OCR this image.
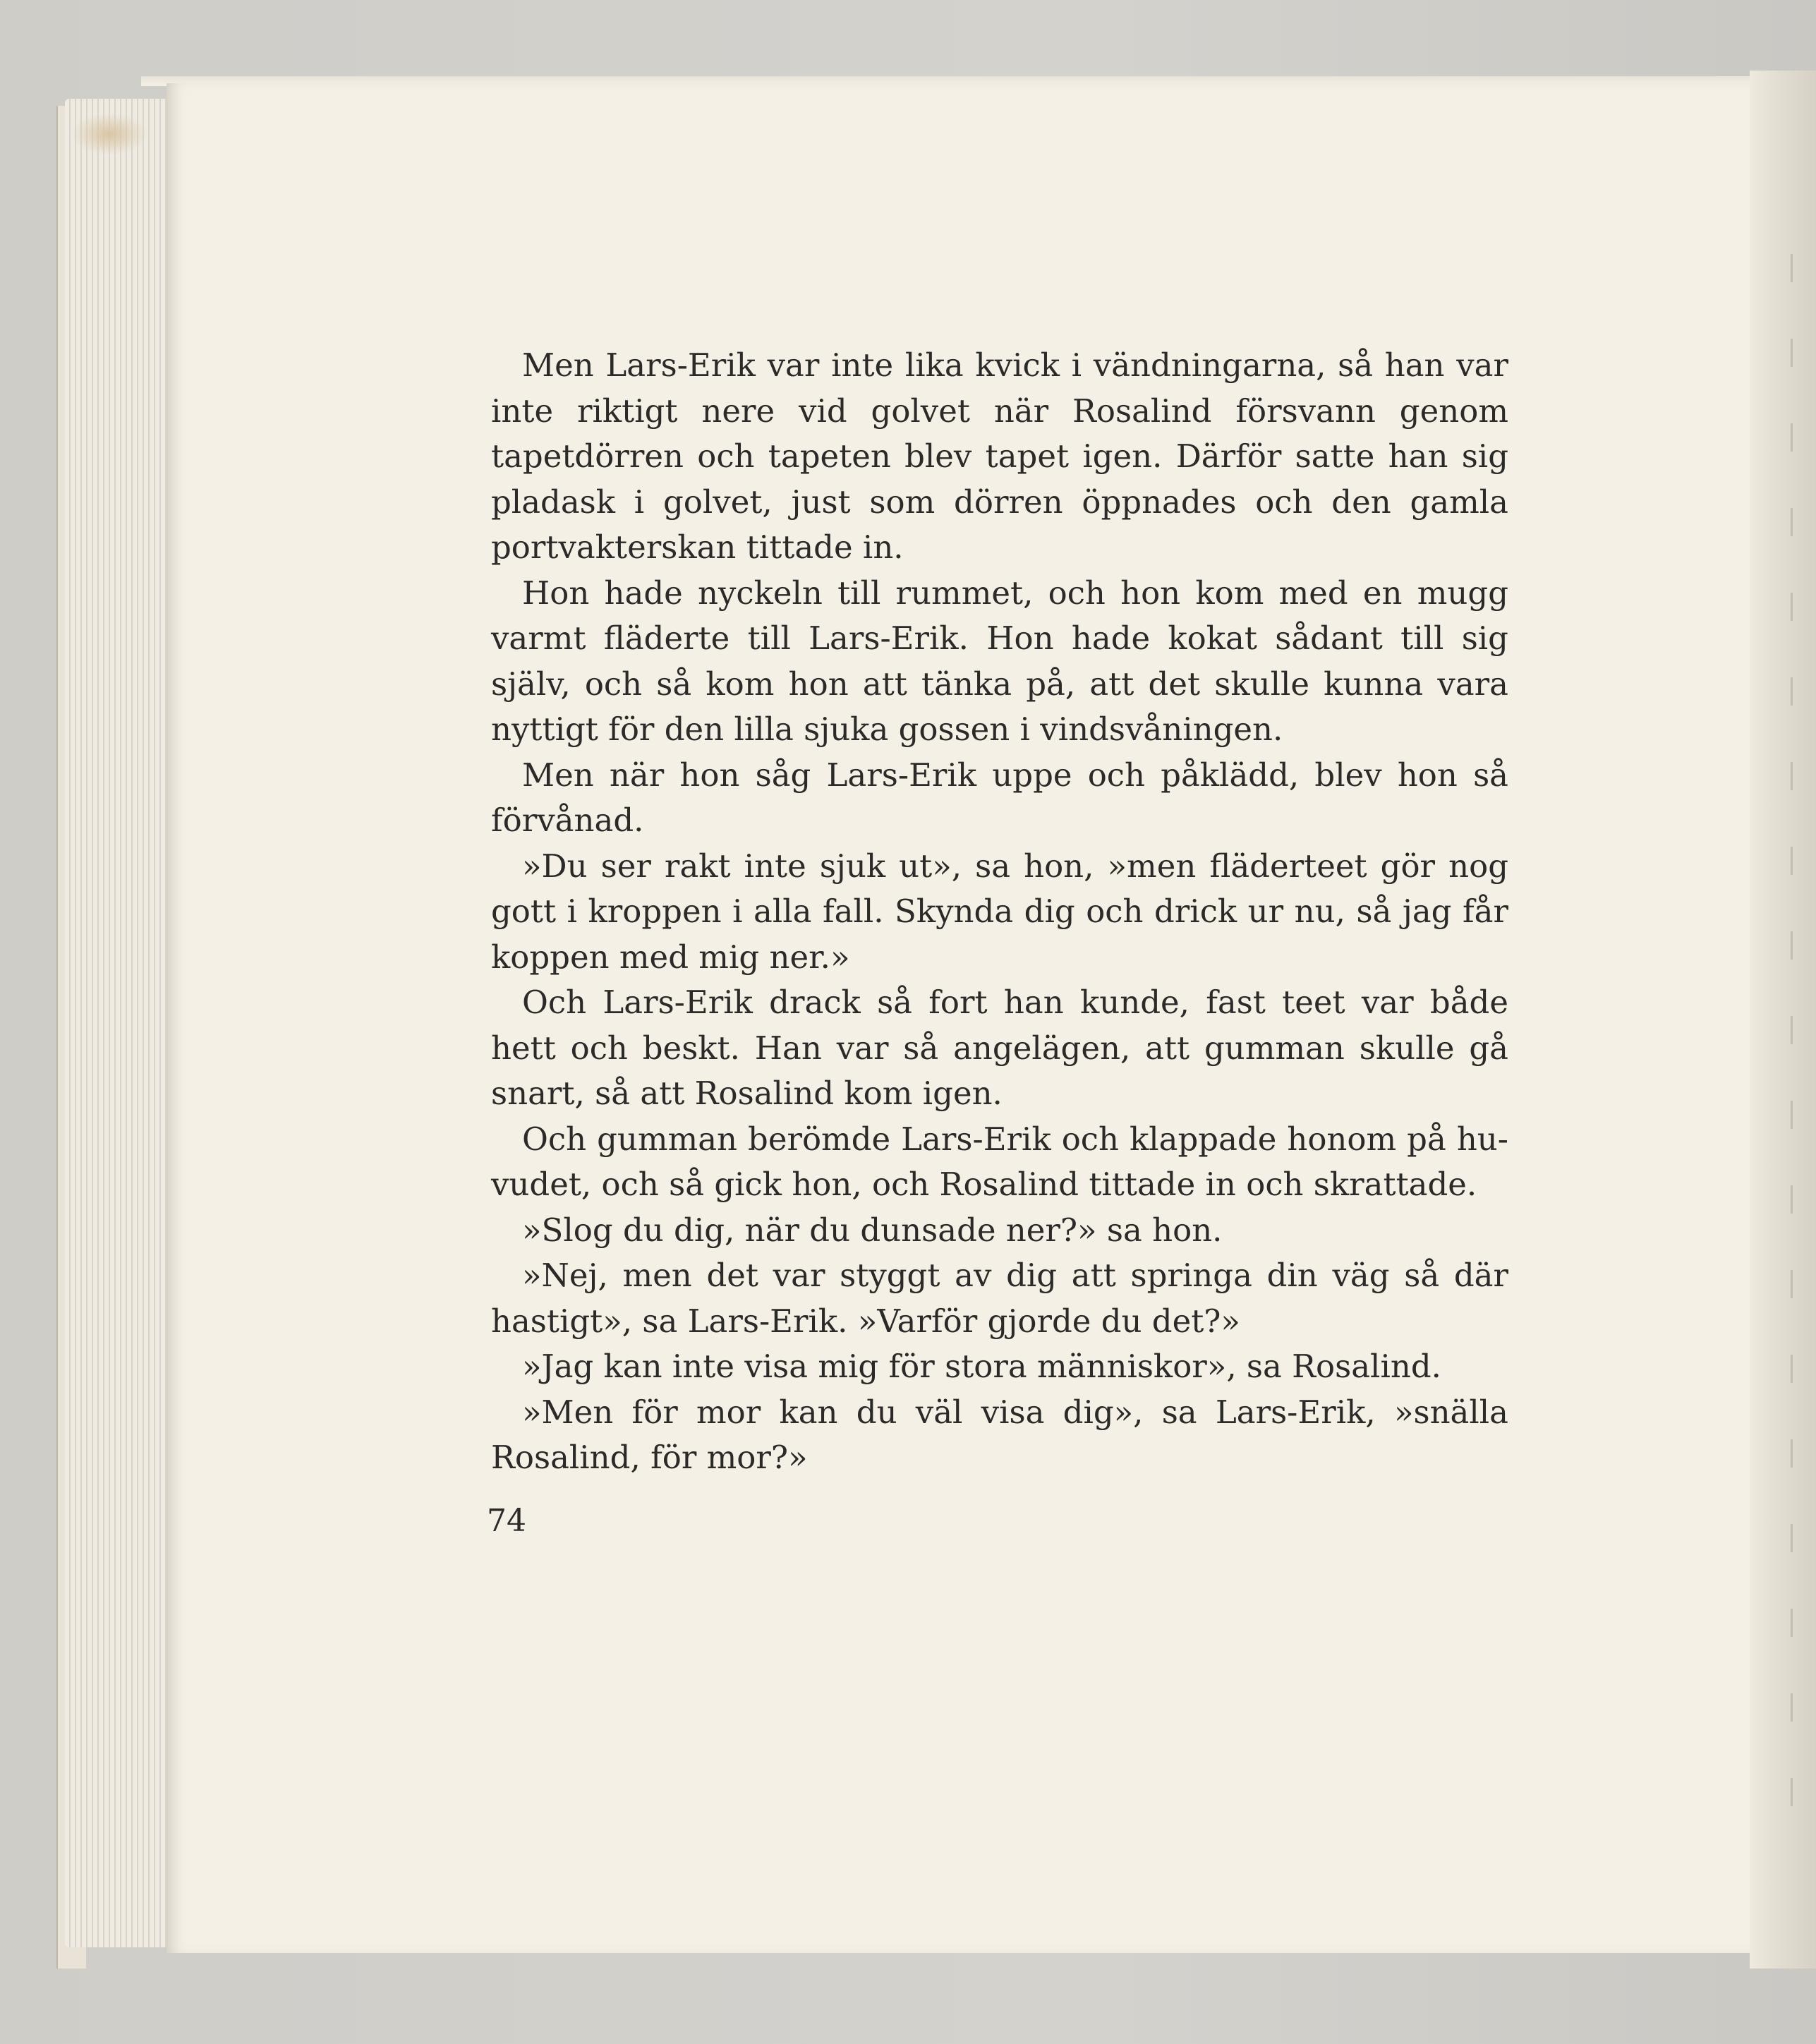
Men Lars-Erik var inte lika kvick i vändningarna, så han var inte riktigt nere vid golvet när Rosalind försvann genom tapetdörren och tapeten blev tapet igen. Därför satte han sig pladask i golvet, just som dörren öppnades och den gamla portvakterskan tittade in.

Hon hade nyckeln till rummet, och hon kom med en mugg varmt fläderte till Lars-Erik. Hon hade kokat sådant till sig själv, och så kom hon att tänka på, att det skulle kunna vara nyttigt för den lilla sjuka gossen i vindsvåningen.

Men när hon såg Lars-Erik uppe och påklädd, blev hon så förvånad.

»Du ser rakt inte sjuk ut», sa hon, »men fläderteet gör nog gott i kroppen i alla fall. Skynda dig och drick ur nu, så jag får koppen med mig ner.»

Och Lars-Erik drack så fort han kunde, fast teet var både hett och beskt. Han var så angelägen, att gumman skulle gå snart, så att Rosalind kom igen.

Och gumman berömde Lars-Erik och klappade honom på huvudet, och så gick hon, och Rosalind tittade in och skrattade.

»Slog du dig, när du dunsade ner?» sa hon.

»Nej, men det var styggt av dig att springa din väg så där hastigt», sa Lars-Erik. »Varför gjorde du det?»

»Jag kan inte visa mig för stora människor», sa Rosalind.

»Men för mor kan du väl visa dig», sa Lars-Erik, »snälla Rosalind, för mor?»

74
